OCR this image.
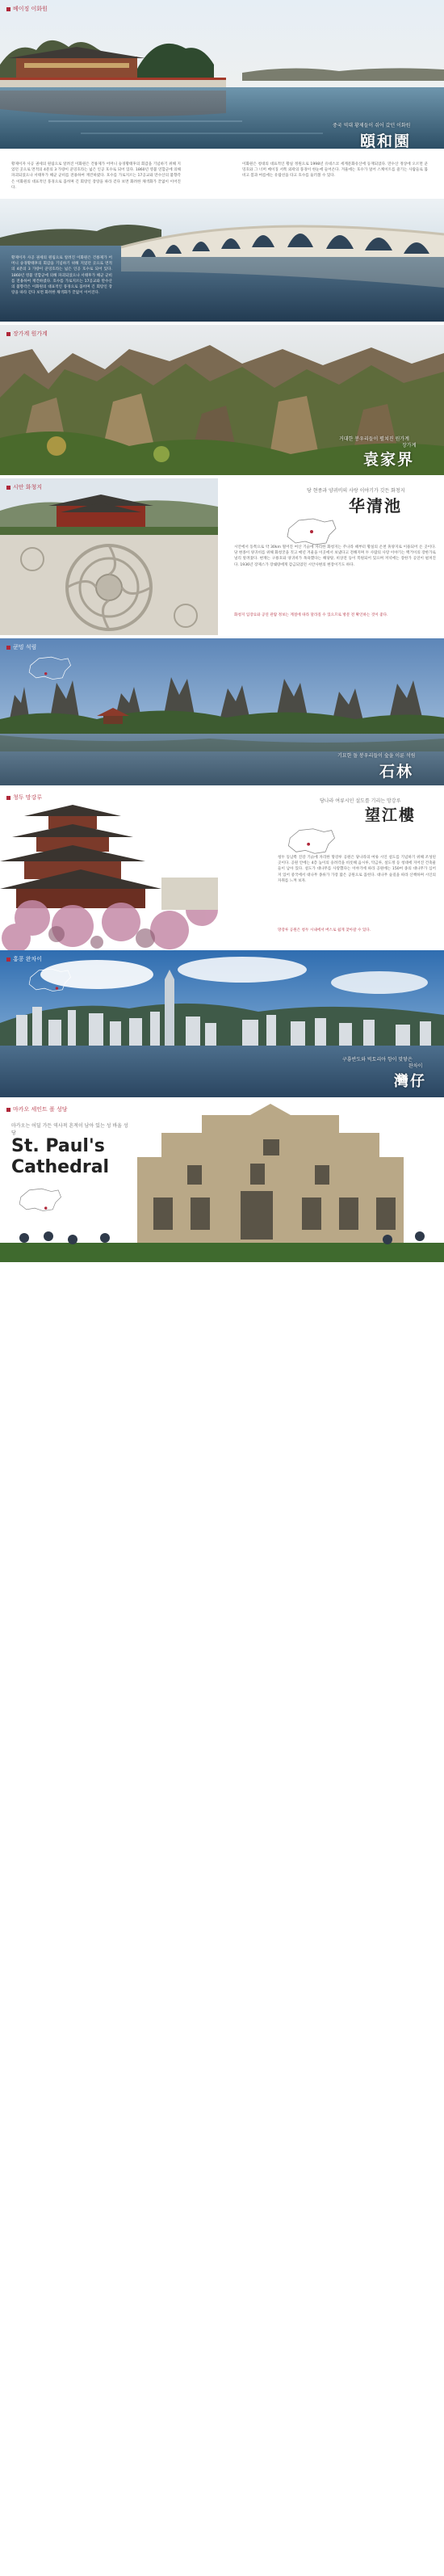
베이징 이화원
중국 역대 황제들이 쉬어 갔던 이화원
頤和園
황제이자 사공 권세의 원림으로 알려진 이화원은 건륭제가 어머니 숭경황태후의 회갑을 기념하기 위해 지었던 곳으로 면적의 4분의 3 가량이 쿤밍호라는 넓은 인공 호수로 되어 있다. 1860년 영불 연합군에 의해 파괴되었으나 서태후가 해군 군비를 전용하여 재건하였다. 호수를 가로지르는 17공교와 만수산의 불향각은 이화원의 대표적인 풍경으로 꼽히며 긴 회랑인 장랑을 따라 걷다 보면 화려한 채색화가 끝없이 이어진다.
이화원은 청대의 대표적인 황실 정원으로 1998년 유네스코 세계문화유산에 등재되었다. 만수산 정상에 오르면 쿤밍호와 그 너머 베이징 서쪽 외곽의 풍경이 한눈에 들어온다. 겨울에는 호수가 얼어 스케이트를 즐기는 사람들로 붐비고 봄과 여름에는 유람선을 타고 호수를 둘러볼 수 있다.
황제이자 사공 권세의 원림으로 알려진 이화원은 건륭제가 어머니 숭경황태후의 회갑을 기념하기 위해 지었던 곳으로 면적의 4분의 3 가량이 쿤밍호라는 넓은 인공 호수로 되어 있다. 1860년 영불 연합군에 의해 파괴되었으나 서태후가 해군 군비를 전용하여 재건하였다. 호수를 가로지르는 17공교와 만수산의 불향각은 이화원의 대표적인 풍경으로 꼽히며 긴 회랑인 장랑을 따라 걷다 보면 화려한 채색화가 끝없이 이어진다.
장가계 원가계
거대한 봉우리들이 펼쳐진 원가계
장가계
袁家界
시안 화청지
당 현종과 양귀비의 사랑 이야기가 깃든 화청지
华清池
시안에서 동쪽으로 약 30km 떨어진 여산 기슭에 자리한 화청지는 주나라 때부터 황실의 온천 휴양지로 이용되어 온 곳이다. 당 현종이 양귀비를 위해 화청궁을 짓고 매년 겨울을 이곳에서 보냈다고 전해지며 두 사람의 사랑 이야기는 백거이의 장한가로 널리 알려졌다. 현재는 구룡호와 양귀비가 목욕했다는 해당탕, 비상전 등이 복원되어 있으며 저녁에는 장한가 공연이 펼쳐진다. 1936년 장제스가 장쉐량에게 감금되었던 시안사변의 현장이기도 하다.
화청지 입장료와 공연 관람 정보는 계절에 따라 달라질 수 있으므로 방문 전 확인하는 것이 좋다.
쿤밍 석림
기묘한 돌 봉우리들이 숲을 이룬 석림
石林
청두 망강루
당나라 여류시인 설도를 기리는 망강루
望江樓
청두 동남쪽 진강 기슭에 자리한 망강루 공원은 당나라의 여류 시인 설도를 기념하기 위해 조성된 곳이다. 공원 안에는 4층 높이의 숭려각을 비롯해 음시루, 탁금루, 설도정 등 청대에 지어진 건축물들이 남아 있다. 설도가 대나무를 사랑했다는 이야기에 따라 공원에는 150여 종의 대나무가 심어져 있어 중국에서 대나무 종류가 가장 많은 공원으로 꼽힌다. 대나무 숲길을 따라 산책하며 시인의 자취를 느껴 보자.
망강루 공원은 청두 시내에서 버스로 쉽게 찾아갈 수 있다.
홍콩 완차이
구룡반도와 빅토리아 항이 맞닿은
완차이
灣仔
마카오 세인트 폴 성당
마카오는 어딜 가든 역사적 흔적이 남아 있는 성 바울 성당
St. Paul's Cathedral
